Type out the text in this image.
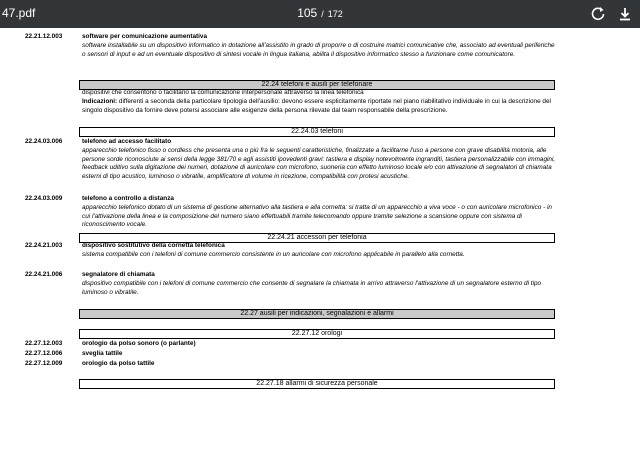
47.pdf	105 / 172
22.21.12.003	software per comunicazione aumentativa
software installabile su un dispositivo informatico in dotazione all'assistito in grado di proporre o di costruire matrici comunicative che, associato ad eventuali periferiche o sensori di input e ad un eventuale dispositivo di sintesi vocale in lingua italiana, abilita il dispositivo informatico stesso a funzionare come comunicatore.
22.24 telefoni e ausili per telefonare
dispositivi che consentono o facilitano la comunicazione interpersonale attraverso la linea telefonica
Indicazioni: differenti a seconda della particolare tipologia dell'ausilio: devono essere esplicitamente riportate nel piano riabilitativo individuale in cui la descrizione del singolo dispositivo da fornire deve potersi associare alle esigenze della persona rilevate dal team responsabile della prescrizione.
22.24.03 telefoni
22.24.03.006	telefono ad accesso facilitato
apparecchio telefonico fisso o cordless che presenta una o più fra le seguenti caratteristiche, finalizzate a facilitarne l'uso a persone con grave disabilità motoria, alle persone sorde riconosciute ai sensi della legge 381/70 e agli assistiti ipovedenti gravi: tastiera e display notevolmente ingranditi, tastiera personalizzabile con immagini, feedback uditivo sulla digitazione dei numeri, dotazione di auricolare con microfono, suoneria con effetto luminoso locale e/o con attivazione di segnalatori di chiamata esterni di tipo acustico, luminoso o vibratile, amplificatore di volume in ricezione, compatibilità con protesi acustiche.
22.24.03.009	telefono a controllo a distanza
apparecchio telefonico dotato di un sistema di gestione alternativo alla tastiera e alla cornetta: si tratta di un apparecchio a viva voce - o con auricolare microfonico - in cui l'attivazione della linea e la composizione del numero siano effettuabili tramite telecomando oppure tramite selezione a scansione oppure con sistema di riconoscimento vocale.
22.24.21 accessori per telefonia
22.24.21.003	dispositivo sostitutivo della cornetta telefonica
sistema compatibile con i telefoni di comune commercio consistente in un auricolare con microfono applicabile in parallelo alla cornetta.
22.24.21.006	segnalatore di chiamata
dispositivo compatibile con i telefoni di comune commercio che consente di segnalare la chiamata in arrivo attraverso l'attivazione di un segnalatore esterno di tipo luminoso o vibratile.
22.27 ausili per indicazioni, segnalazioni e allarmi
22.27.12 orologi
22.27.12.003	orologio da polso sonoro (o parlante)
22.27.12.006	sveglia tattile
22.27.12.009	orologio da polso tattile
22.27.18 allarmi di sicurezza personale
